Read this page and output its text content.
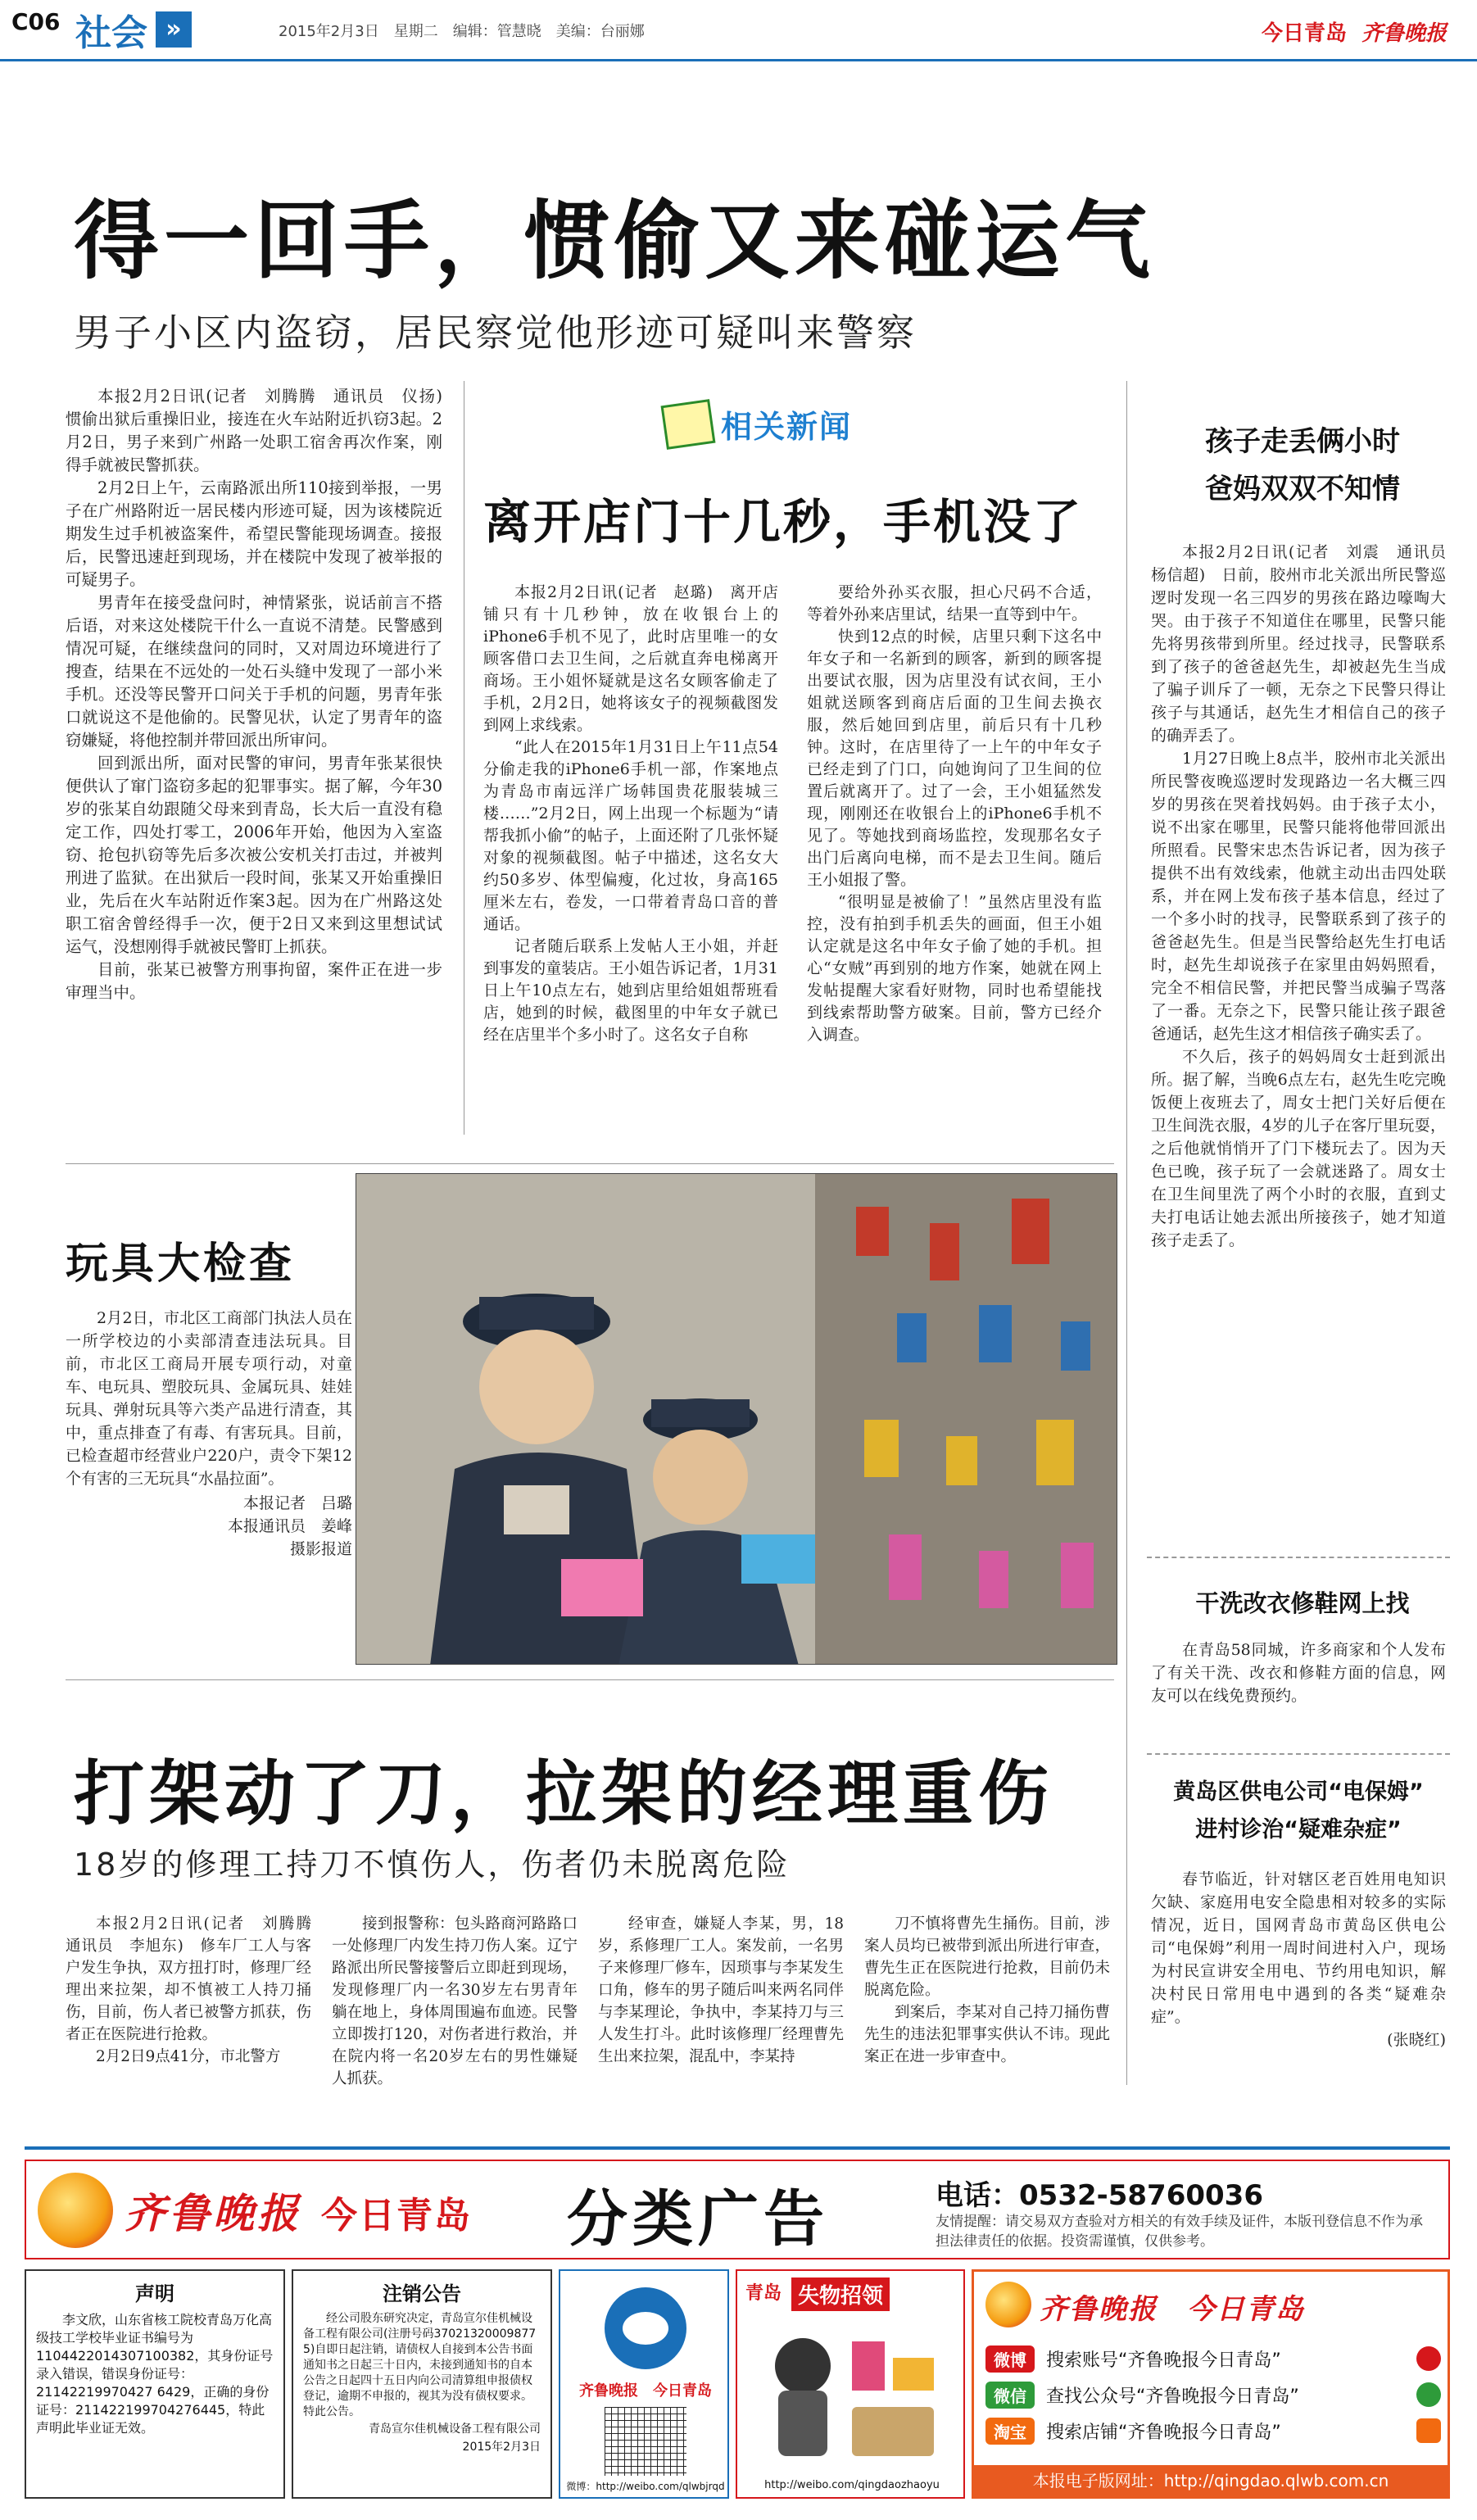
C06 社会 »	2015年2月3日　星期二　编辑：管慧晓　美编：台丽娜	今日青岛 齐鲁晚报
得一回手，惯偷又来碰运气
男子小区内盗窃，居民察觉他形迹可疑叫来警察

本报2月2日讯(记者　刘腾腾　通讯员　仪扬)　惯偷出狱后重操旧业，接连在火车站附近扒窃3起。2月2日，男子来到广州路一处职工宿舍再次作案，刚得手就被民警抓获。

2月2日上午，云南路派出所110接到举报，一男子在广州路附近一居民楼内形迹可疑，因为该楼院近期发生过手机被盗案件，希望民警能现场调查。接报后，民警迅速赶到现场，并在楼院中发现了被举报的可疑男子。

男青年在接受盘问时，神情紧张，说话前言不搭后语，对来这处楼院干什么一直说不清楚。民警感到情况可疑，在继续盘问的同时，又对周边环境进行了搜查，结果在不远处的一处石头缝中发现了一部小米手机。还没等民警开口问关于手机的问题，男青年张口就说这不是他偷的。民警见状，认定了男青年的盗窃嫌疑，将他控制并带回派出所审问。

回到派出所，面对民警的审问，男青年张某很快便供认了窜门盗窃多起的犯罪事实。据了解，今年30岁的张某自幼跟随父母来到青岛，长大后一直没有稳定工作，四处打零工，2006年开始，他因为入室盗窃、抢包扒窃等先后多次被公安机关打击过，并被判刑进了监狱。在出狱后一段时间，张某又开始重操旧业，先后在火车站附近作案3起。因为在广州路这处职工宿舍曾经得手一次，便于2日又来到这里想试试运气，没想刚得手就被民警盯上抓获。

目前，张某已被警方刑事拘留，案件正在进一步审理当中。

相关新闻
离开店门十几秒，手机没了

本报2月2日讯(记者　赵璐)　离开店铺只有十几秒钟，放在收银台上的iPhone6手机不见了，此时店里唯一的女顾客借口去卫生间，之后就直奔电梯离开商场。王小姐怀疑就是这名女顾客偷走了手机，2月2日，她将该女子的视频截图发到网上求线索。

“此人在2015年1月31日上午11点54分偷走我的iPhone6手机一部，作案地点为青岛市南远洋广场韩国贵花服装城三楼……”2月2日，网上出现一个标题为“请帮我抓小偷”的帖子，上面还附了几张怀疑对象的视频截图。帖子中描述，这名女大约50多岁、体型偏瘦，化过妆，身高165厘米左右，卷发，一口带着青岛口音的普通话。

记者随后联系上发帖人王小姐，并赶到事发的童装店。王小姐告诉记者，1月31日上午10点左右，她到店里给姐姐帮班看店，她到的时候，截图里的中年女子就已经在店里半个多小时了。这名女子自称

要给外孙买衣服，担心尺码不合适，等着外孙来店里试，结果一直等到中午。

快到12点的时候，店里只剩下这名中年女子和一名新到的顾客，新到的顾客提出要试衣服，因为店里没有试衣间，王小姐就送顾客到商店后面的卫生间去换衣服，然后她回到店里，前后只有十几秒钟。这时，在店里待了一上午的中年女子已经走到了门口，向她询问了卫生间的位置后就离开了。过了一会，王小姐猛然发现，刚刚还在收银台上的iPhone6手机不见了。等她找到商场监控，发现那名女子出门后离向电梯，而不是去卫生间。随后王小姐报了警。

“很明显是被偷了！”虽然店里没有监控，没有拍到手机丢失的画面，但王小姐认定就是这名中年女子偷了她的手机。担心“女贼”再到别的地方作案，她就在网上发帖提醒大家看好财物，同时也希望能找到线索帮助警方破案。目前，警方已经介入调查。

孩子走丢俩小时
爸妈双双不知情

本报2月2日讯(记者　刘震　通讯员　杨信超)　日前，胶州市北关派出所民警巡逻时发现一名三四岁的男孩在路边嚎啕大哭。由于孩子不知道住在哪里，民警只能先将男孩带到所里。经过找寻，民警联系到了孩子的爸爸赵先生，却被赵先生当成了骗子训斥了一顿，无奈之下民警只得让孩子与其通话，赵先生才相信自己的孩子的确弄丢了。

1月27日晚上8点半，胶州市北关派出所民警夜晚巡逻时发现路边一名大概三四岁的男孩在哭着找妈妈。由于孩子太小，说不出家在哪里，民警只能将他带回派出所照看。民警宋忠杰告诉记者，因为孩子提供不出有效线索，他就主动出击四处联系，并在网上发布孩子基本信息，经过了一个多小时的找寻，民警联系到了孩子的爸爸赵先生。但是当民警给赵先生打电话时，赵先生却说孩子在家里由妈妈照看，完全不相信民警，并把民警当成骗子骂落了一番。无奈之下，民警只能让孩子跟爸爸通话，赵先生这才相信孩子确实丢了。

不久后，孩子的妈妈周女士赶到派出所。据了解，当晚6点左右，赵先生吃完晚饭便上夜班去了，周女士把门关好后便在卫生间洗衣服，4岁的儿子在客厅里玩耍，之后他就悄悄开了门下楼玩去了。因为天色已晚，孩子玩了一会就迷路了。周女士在卫生间里洗了两个小时的衣服，直到丈夫打电话让她去派出所接孩子，她才知道孩子走丢了。

干洗改衣修鞋网上找

在青岛58同城，许多商家和个人发布了有关干洗、改衣和修鞋方面的信息，网友可以在线免费预约。

黄岛区供电公司“电保姆”
进村诊治“疑难杂症”

春节临近，针对辖区老百姓用电知识欠缺、家庭用电安全隐患相对较多的实际情况，近日，国网青岛市黄岛区供电公司“电保姆”利用一周时间进村入户，现场为村民宣讲安全用电、节约用电知识，解决村民日常用电中遇到的各类“疑难杂症”。

(张晓红)
玩具大检查

2月2日，市北区工商部门执法人员在一所学校边的小卖部清查违法玩具。目前，市北区工商局开展专项行动，对童车、电玩具、塑胶玩具、金属玩具、娃娃玩具、弹射玩具等六类产品进行清查，其中，重点排查了有毒、有害玩具。目前，已检查超市经营业户220户，责令下架12个有害的三无玩具“水晶拉面”。

本报记者　吕璐
本报通讯员　姜峰
摄影报道
打架动了刀，拉架的经理重伤
18岁的修理工持刀不慎伤人，伤者仍未脱离危险

本报2月2日讯(记者　刘腾腾　通讯员　李旭东)　修车厂工人与客户发生争执，双方扭打时，修理厂经理出来拉架，却不慎被工人持刀捅伤，目前，伤人者已被警方抓获，伤者正在医院进行抢救。

2月2日9点41分，市北警方

接到报警称：包头路商河路路口一处修理厂内发生持刀伤人案。辽宁路派出所民警接警后立即赶到现场，发现修理厂内一名30岁左右男青年躺在地上，身体周围遍布血迹。民警立即拨打120，对伤者进行救治，并在院内将一名20岁左右的男性嫌疑人抓获。

经审查，嫌疑人李某，男，18岁，系修理厂工人。案发前，一名男子来修理厂修车，因琐事与李某发生口角，修车的男子随后叫来两名同伴与李某理论，争执中，李某持刀与三人发生打斗。此时该修理厂经理曹先生出来拉架，混乱中，李某持

刀不慎将曹先生捅伤。目前，涉案人员均已被带到派出所进行审查，曹先生正在医院进行抢救，目前仍未脱离危险。

到案后，李某对自己持刀捅伤曹先生的违法犯罪事实供认不讳。现此案正在进一步审查中。

齐鲁晚报 今日青岛 分类广告	电话：0532-58760036
友情提醒：请交易双方查验对方相关的有效手续及证件，本版刊登信息不作为承担法律责任的依据。投资需谨慎，仅供参考。
声明
李文欣，山东省核工院校青岛万化高级技工学校毕业证书编号为1104422014307100382，其身份证号录入错误，错误身份证号：21142219970427 6429，正确的身份证号：211422199704276445，特此声明此毕业证无效。
注销公告
经公司股东研究决定，青岛宣尔佳机械设备工程有限公司(注册号码37021320009877 5)自即日起注销，请债权人自接到本公告书面通知书之日起三十日内，未接到通知书的自本公告之日起四十五日内向公司清算组申报债权登记，逾期不申报的，视其为没有债权要求。特此公告。
青岛宣尔佳机械设备工程有限公司
2015年2月3日
齐鲁晚报　今日青岛
微博：http://weibo.com/qlwbjrqd
青岛 失物招领
http://weibo.com/qingdaozhaoyu
齐鲁晚报　今日青岛
微博	搜索账号“齐鲁晚报今日青岛”
微信	查找公众号“齐鲁晚报今日青岛”
淘宝	搜索店铺“齐鲁晚报今日青岛”
本报电子版网址：http://qingdao.qlwb.com.cn
